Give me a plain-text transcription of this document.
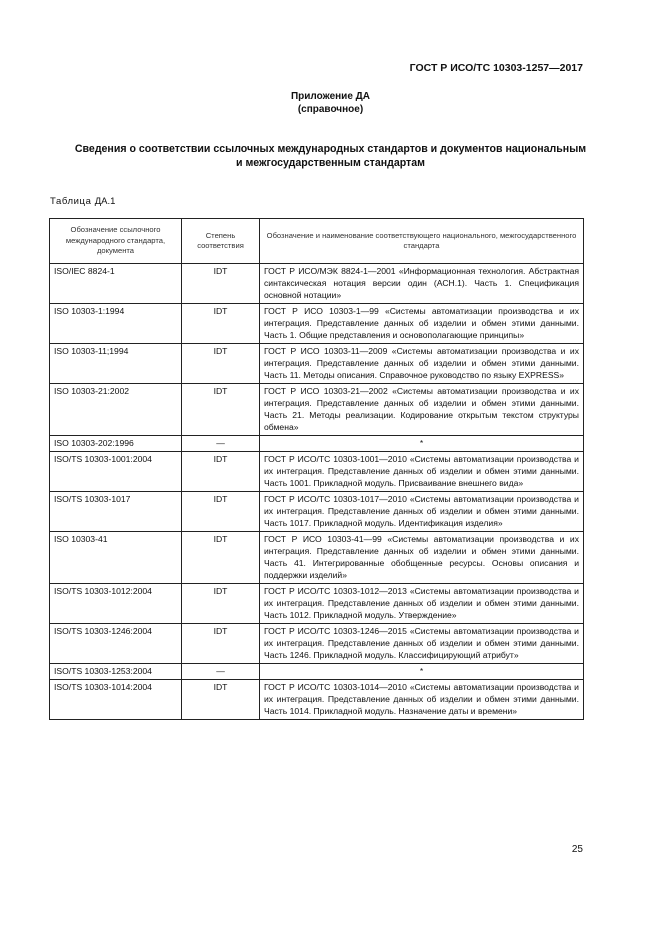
ГОСТ Р ИСО/ТС 10303-1257—2017
Приложение ДА
(справочное)
Сведения о соответствии ссылочных международных стандартов и документов национальным
и межгосударственным стандартам
Таблица ДА.1
Обозначение ссылочного международного стандарта, документа	Степень соответствия	Обозначение и наименование соответствующего национального, межгосударственного стандарта
ISO/IEC 8824-1	IDT	ГОСТ Р ИСО/МЭК 8824-1—2001 «Информационная технология. Абстрактная синтаксическая нотация версии один (АСН.1). Часть 1. Спецификация основной нотации»
ISO 10303-1:1994	IDT	ГОСТ Р ИСО 10303-1—99 «Системы автоматизации производства и их интеграция. Представление данных об изделии и обмен этими данными. Часть 1. Общие представления и основополагающие принципы»
ISO 10303-11;1994	IDT	ГОСТ Р ИСО 10303-11—2009 «Системы автоматизации производства и их интеграция. Представление данных об изделии и обмен этими данными. Часть 11. Методы описания. Справочное руководство по языку EXPRESS»
ISO 10303-21:2002	IDT	ГОСТ Р ИСО 10303-21—2002 «Системы автоматизации производства и их интеграция. Представление данных об изделии и обмен этими данными. Часть 21. Методы реализации. Кодирование открытым текстом структуры обмена»
ISO 10303-202:1996	—	*
ISO/TS 10303-1001:2004	IDT	ГОСТ Р ИСО/ТС 10303-1001—2010 «Системы автоматизации производства и их интеграция. Представление данных об изделии и обмен этими данными. Часть 1001. Прикладной модуль. Присваивание внешнего вида»
ISO/TS 10303-1017	IDT	ГОСТ Р ИСО/ТС 10303-1017—2010 «Системы автоматизации производства и их интеграция. Представление данных об изделии и обмен этими данными. Часть 1017. Прикладной модуль. Идентификация изделия»
ISO 10303-41	IDT	ГОСТ Р ИСО 10303-41—99 «Системы автоматизации производства и их интеграция. Представление данных об изделии и обмен этими данными. Часть 41. Интегрированные обобщенные ресурсы. Основы описания и поддержки изделий»
ISO/TS 10303-1012:2004	IDT	ГОСТ Р ИСО/ТС 10303-1012—2013 «Системы автоматизации производства и их интеграция. Представление данных об изделии и обмен этими данными. Часть 1012. Прикладной модуль. Утверждение»
ISO/TS 10303-1246:2004	IDT	ГОСТ Р ИСО/ТС 10303-1246—2015 «Системы автоматизации производства и их интеграция. Представление данных об изделии и обмен этими данными. Часть 1246. Прикладной модуль. Классифицирующий атрибут»
ISO/TS 10303-1253:2004	—	*
ISO/TS 10303-1014:2004	IDT	ГОСТ Р ИСО/ТС 10303-1014—2010 «Системы автоматизации производства и их интеграция. Представление данных об изделии и обмен этими данными. Часть 1014. Прикладной модуль. Назначение даты и времени»
25
